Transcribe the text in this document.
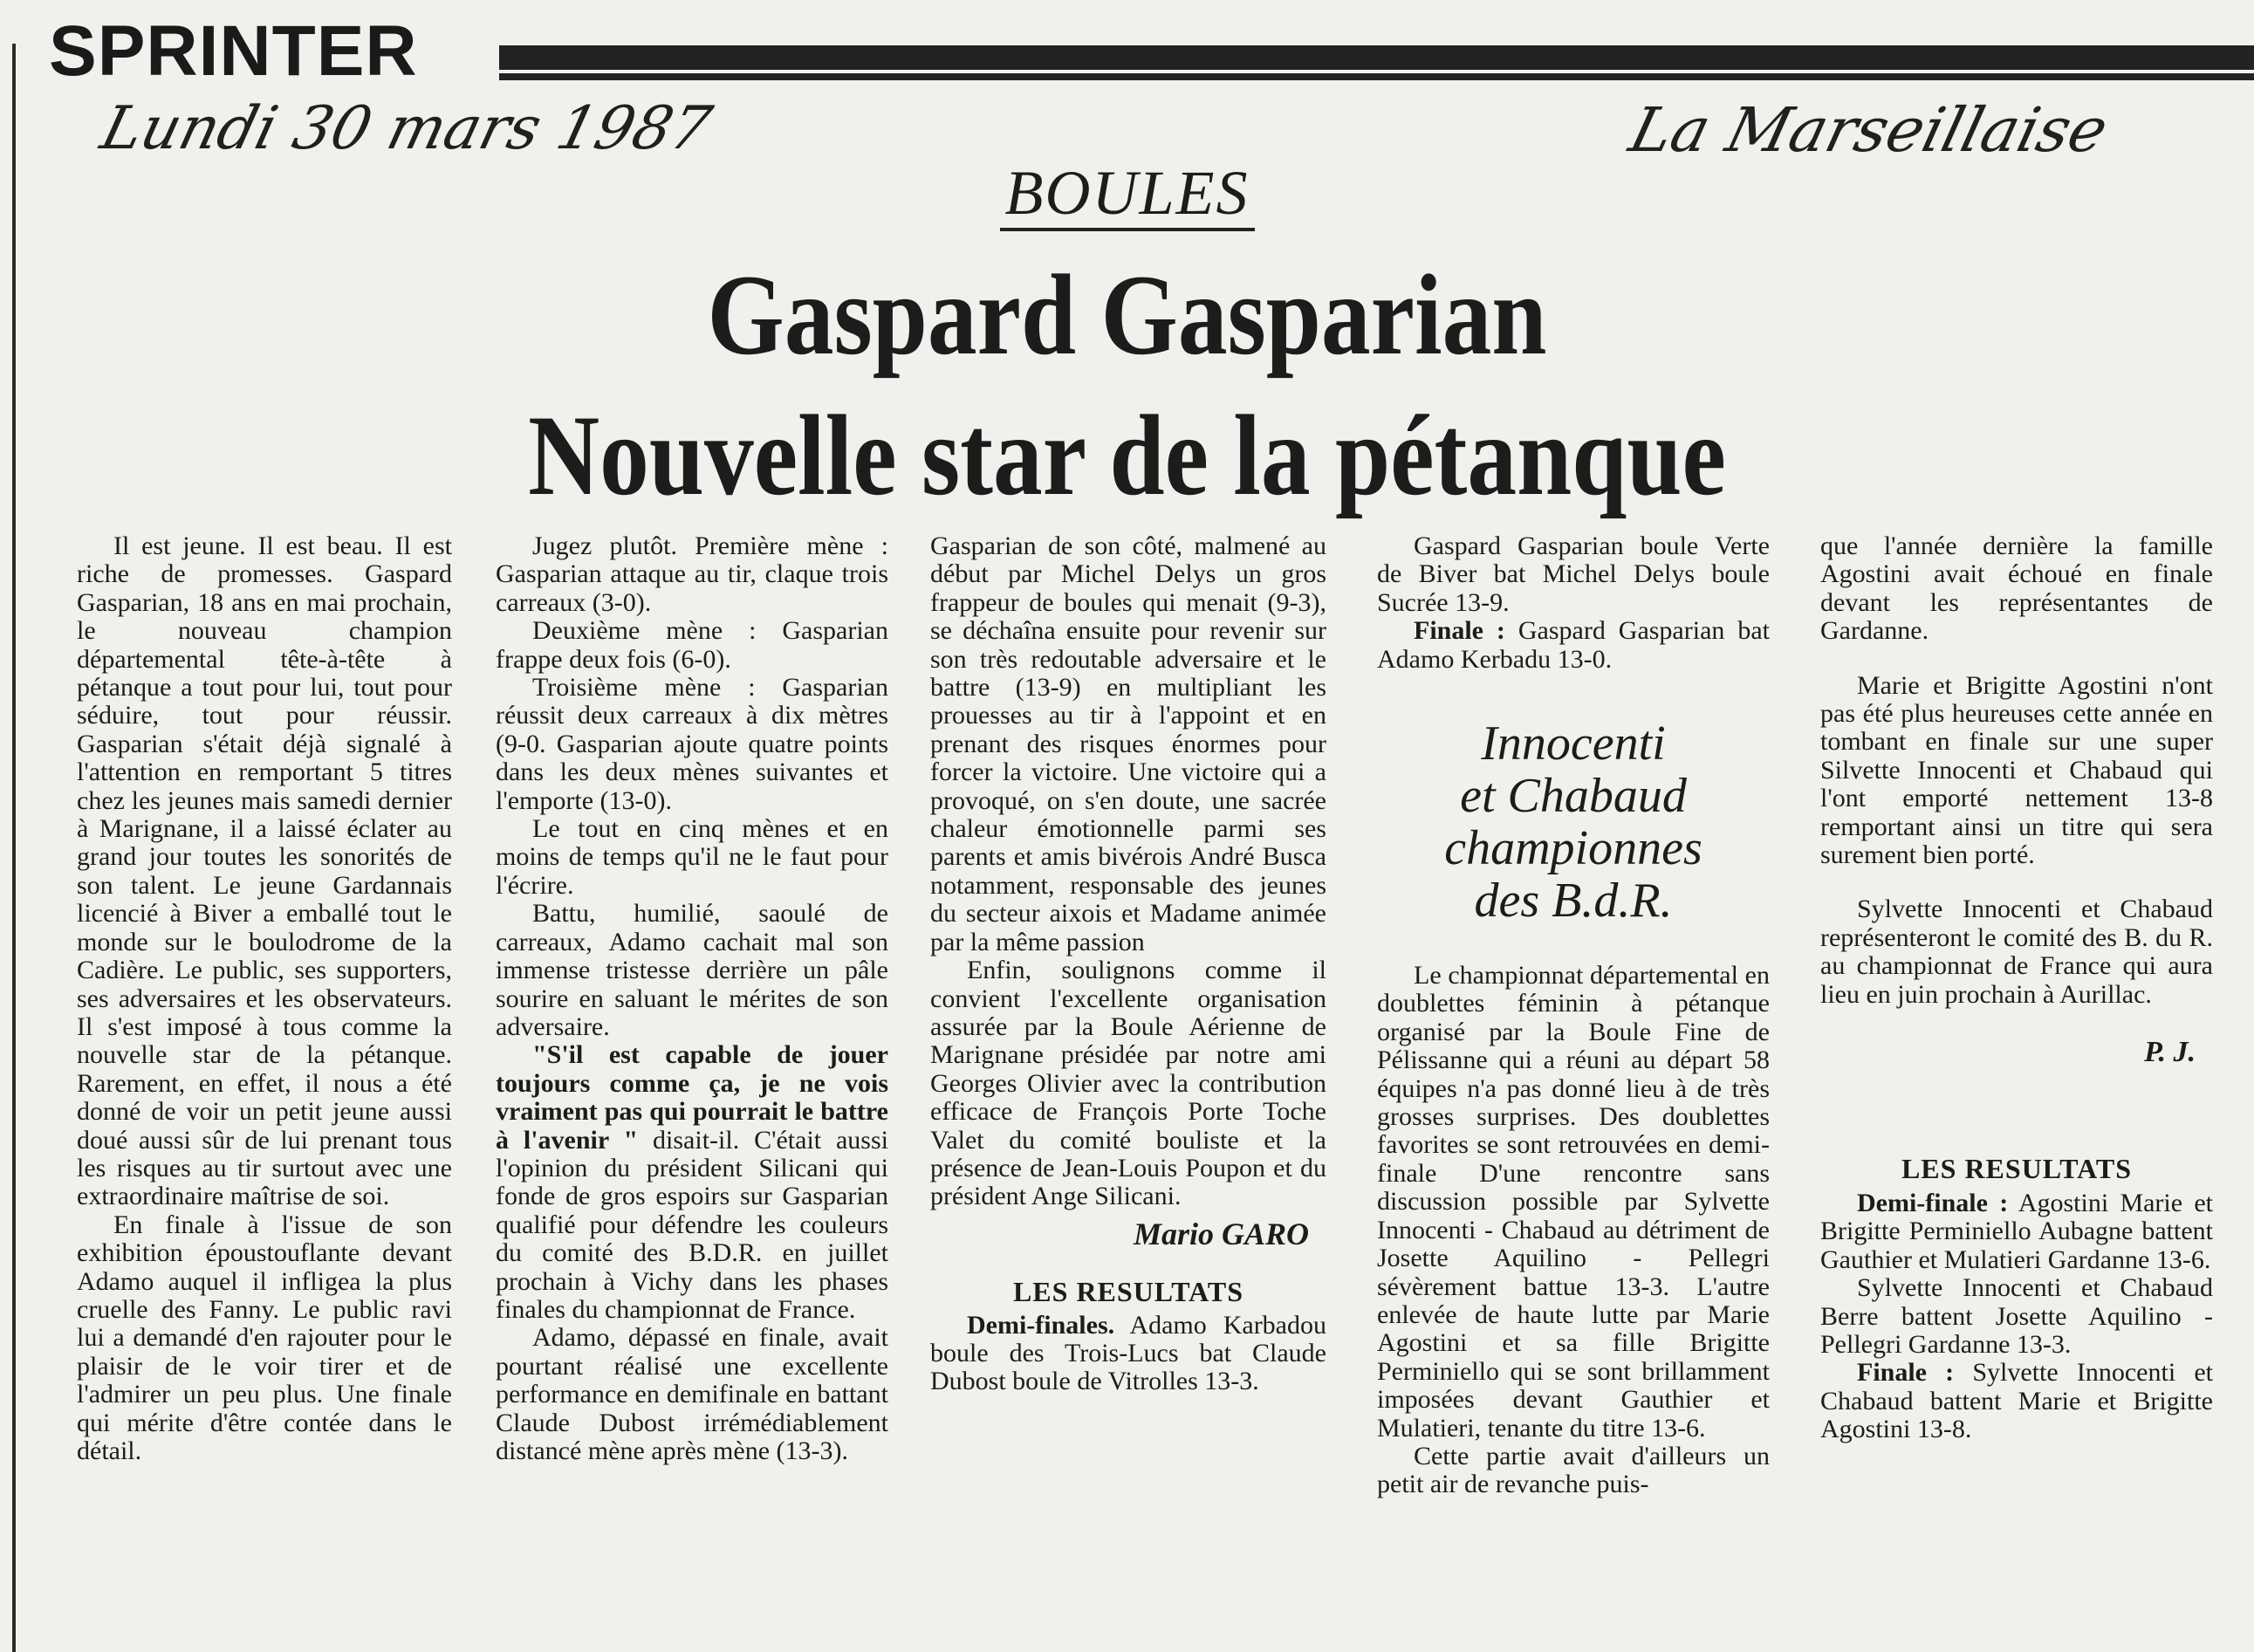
SPRINTER
Lundi 30 mars 1987	La Marseillaise
BOULES
Gaspard Gasparian
Nouvelle star de la pétanque

Il est jeune. Il est beau. Il est riche de promesses. Gaspard Gasparian, 18 ans en mai prochain, le nouveau champion départemental tête-à-tête à pétanque a tout pour lui, tout pour séduire, tout pour réussir. Gasparian s'était déjà signalé à l'attention en remportant 5 titres chez les jeunes mais samedi dernier à Marignane, il a laissé éclater au grand jour toutes les sonorités de son talent. Le jeune Gardannais licencié à Biver a emballé tout le monde sur le boulodrome de la Cadière. Le public, ses supporters, ses adversaires et les observateurs. Il s'est imposé à tous comme la nouvelle star de la pétanque. Rarement, en effet, il nous a été donné de voir un petit jeune aussi doué aussi sûr de lui prenant tous les risques au tir surtout avec une extraordinaire maîtrise de soi.

En finale à l'issue de son exhibition époustouflante devant Adamo auquel il infligea la plus cruelle des Fanny. Le public ravi lui a demandé d'en rajouter pour le plaisir de le voir tirer et de l'admirer un peu plus. Une finale qui mérite d'être contée dans le détail.

Jugez plutôt. Première mène : Gasparian attaque au tir, claque trois carreaux (3-0).

Deuxième mène : Gasparian frappe deux fois (6-0).

Troisième mène : Gasparian réussit deux carreaux à dix mètres (9-0. Gasparian ajoute quatre points dans les deux mènes suivantes et l'emporte (13-0).

Le tout en cinq mènes et en moins de temps qu'il ne le faut pour l'écrire.

Battu, humilié, saoulé de carreaux, Adamo cachait mal son immense tristesse derrière un pâle sourire en saluant le mérites de son adversaire.

"S'il est capable de jouer toujours comme ça, je ne vois vraiment pas qui pourrait le battre à l'avenir " disait-il. C'était aussi l'opinion du président Silicani qui fonde de gros espoirs sur Gasparian qualifié pour défendre les couleurs du comité des B.D.R. en juillet prochain à Vichy dans les phases finales du championnat de France.

Adamo, dépassé en finale, avait pourtant réalisé une excellente performance en demifinale en battant Claude Dubost irrémédiablement distancé mène après mène (13-3).

Gasparian de son côté, malmené au début par Michel Delys un gros frappeur de boules qui menait (9-3), se déchaîna ensuite pour revenir sur son très redoutable adversaire et le battre (13-9) en multipliant les prouesses au tir à l'appoint et en prenant des risques énormes pour forcer la victoire. Une victoire qui a provoqué, on s'en doute, une sacrée chaleur émotionnelle parmi ses parents et amis bivérois André Busca notamment, responsable des jeunes du secteur aixois et Madame animée par la même passion

Enfin, soulignons comme il convient l'excellente organisation assurée par la Boule Aérienne de Marignane présidée par notre ami Georges Olivier avec la contribution efficace de François Porte Toche Valet du comité bouliste et la présence de Jean-Louis Poupon et du président Ange Silicani.

Mario GARO
LES RESULTATS

Demi-finales. Adamo Karbadou boule des Trois-Lucs bat Claude Dubost boule de Vitrolles 13-3.

Gaspard Gasparian boule Verte de Biver bat Michel Delys boule Sucrée 13-9.

Finale : Gaspard Gasparian bat Adamo Kerbadu 13-0.

Innocenti
et Chabaud
championnes
des B.d.R.

Le championnat départemental en doublettes féminin à pétanque organisé par la Boule Fine de Pélissanne qui a réuni au départ 58 équipes n'a pas donné lieu à de très grosses surprises. Des doublettes favorites se sont retrouvées en demi-finale D'une rencontre sans discussion possible par Sylvette Innocenti - Chabaud au détriment de Josette Aquilino - Pellegri sévèrement battue 13-3. L'autre enlevée de haute lutte par Marie Agostini et sa fille Brigitte Perminiello qui se sont brillamment imposées devant Gauthier et Mulatieri, tenante du titre 13-6.

Cette partie avait d'ailleurs un petit air de revanche puis-

que l'année dernière la famille Agostini avait échoué en finale devant les représentantes de Gardanne.

Marie et Brigitte Agostini n'ont pas été plus heureuses cette année en tombant en finale sur une super Silvette Innocenti et Chabaud qui l'ont emporté nettement 13-8 remportant ainsi un titre qui sera surement bien porté.

Sylvette Innocenti et Chabaud représenteront le comité des B. du R. au championnat de France qui aura lieu en juin prochain à Aurillac.

P. J.
LES RESULTATS

Demi-finale : Agostini Marie et Brigitte Perminiello Aubagne battent Gauthier et Mulatieri Gardanne 13-6.

Sylvette Innocenti et Chabaud Berre battent Josette Aquilino - Pellegri Gardanne 13-3.

Finale : Sylvette Innocenti et Chabaud battent Marie et Brigitte Agostini 13-8.
